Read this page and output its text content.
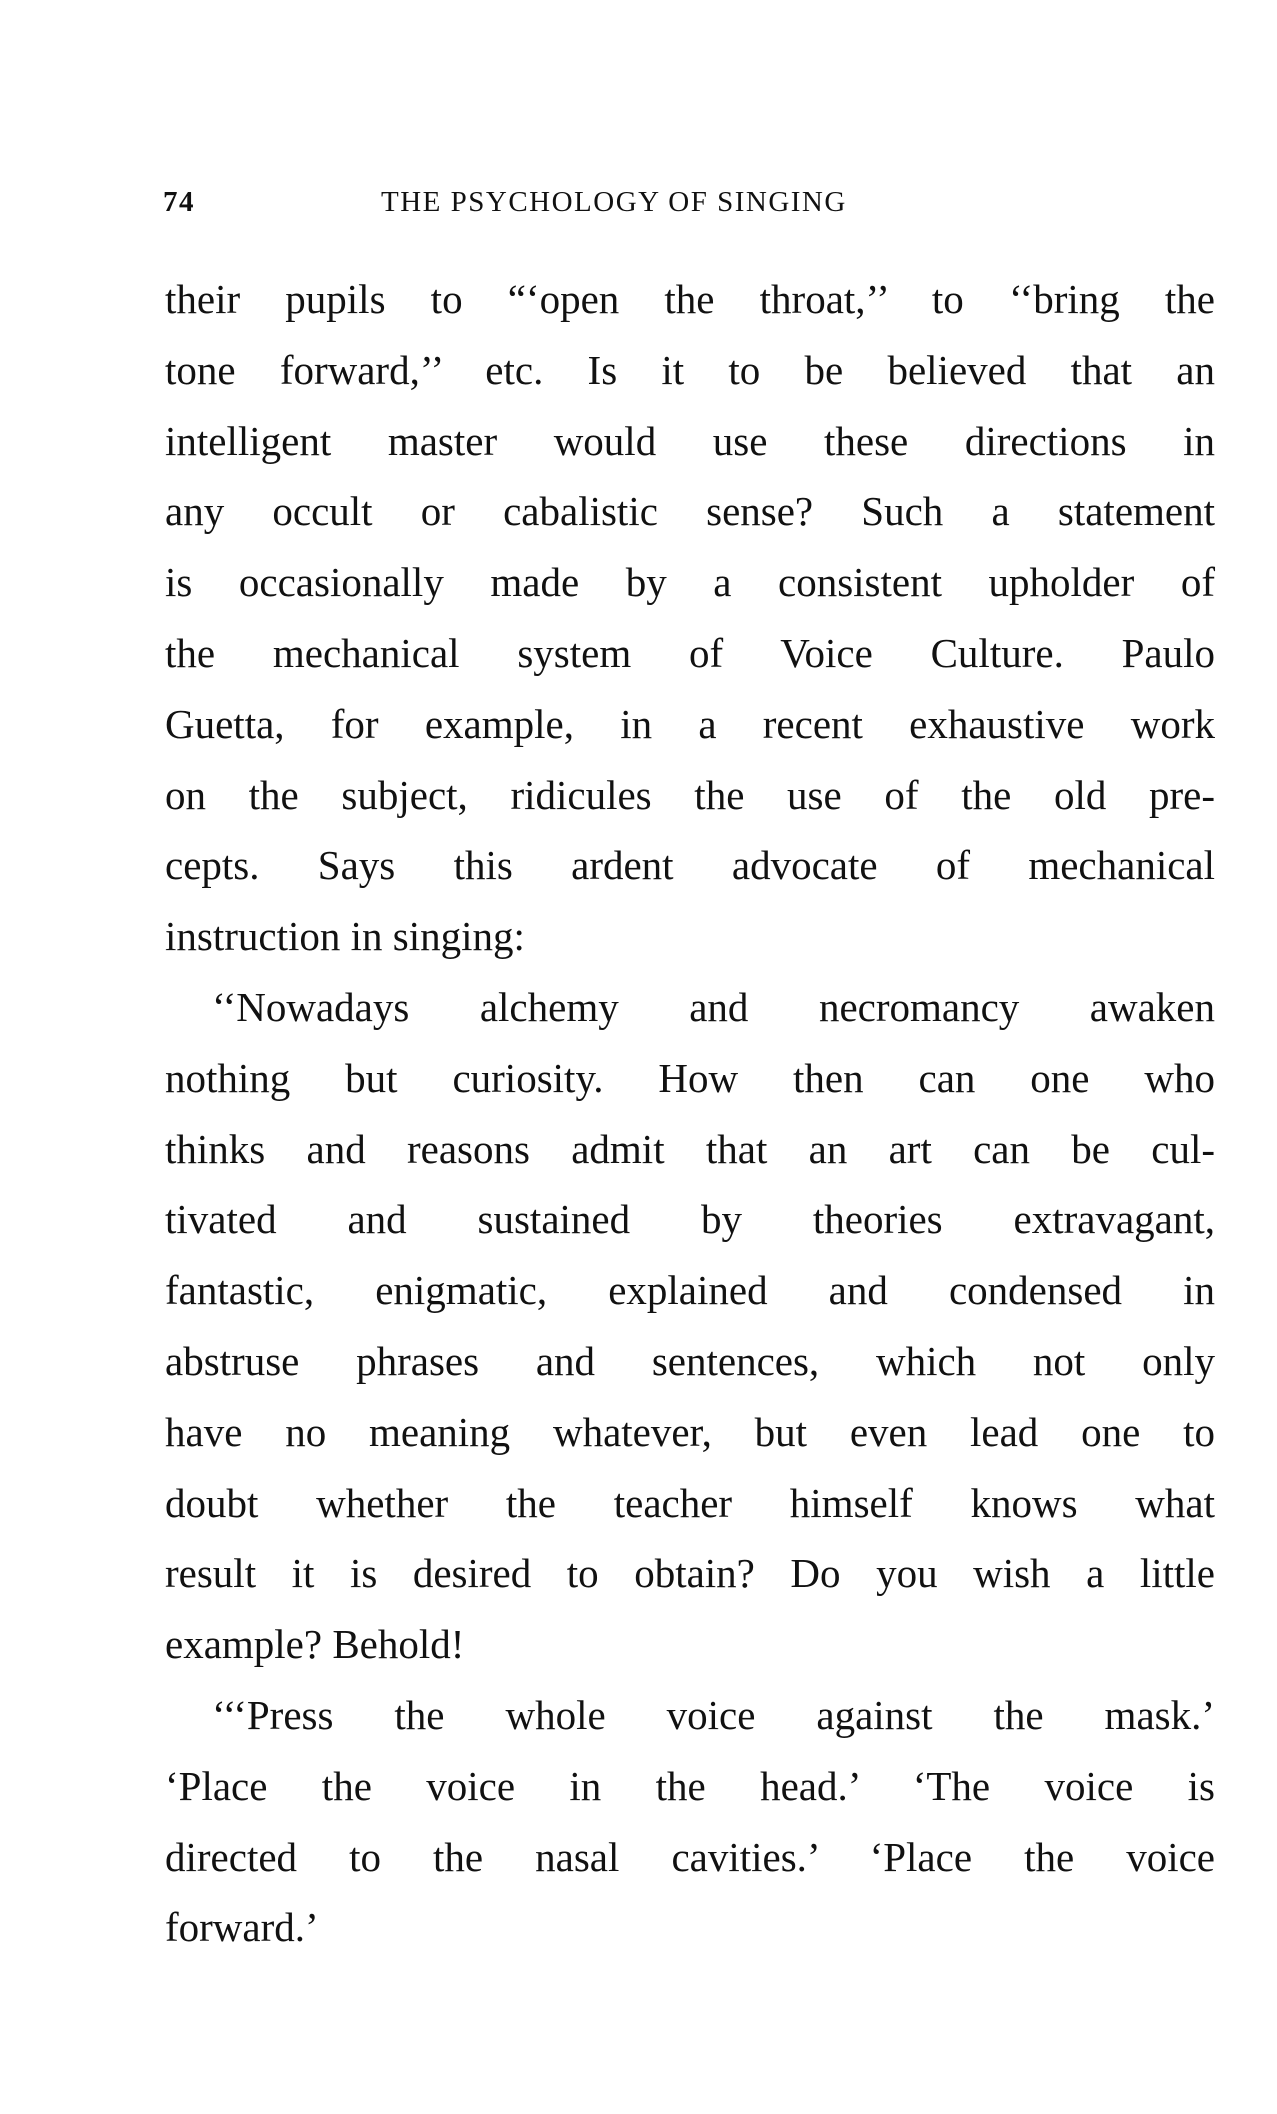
74	THE PSYCHOLOGY OF SINGING
their pupils to “‘open the throat,’’ to ‘‘bring the
tone forward,’’ etc. Is it to be believed that an
intelligent master would use these directions in
any occult or cabalistic sense? Such a statement
is occasionally made by a consistent upholder of
the mechanical system of Voice Culture. Paulo
Guetta, for example, in a recent exhaustive work
on the subject, ridicules the use of the old pre-
cepts. Says this ardent advocate of mechanical
instruction in singing:
‘‘Nowadays alchemy and necromancy awaken
nothing but curiosity. How then can one who
thinks and reasons admit that an art can be cul-
tivated and sustained by theories extravagant,
fantastic, enigmatic, explained and condensed in
abstruse phrases and sentences, which not only
have no meaning whatever, but even lead one to
doubt whether the teacher himself knows what
result it is desired to obtain? Do you wish a little
example? Behold!
‘‘‘Press the whole voice against the mask.’
‘Place the voice in the head.’ ‘The voice is
directed to the nasal cavities.’ ‘Place the voice
forward.’
